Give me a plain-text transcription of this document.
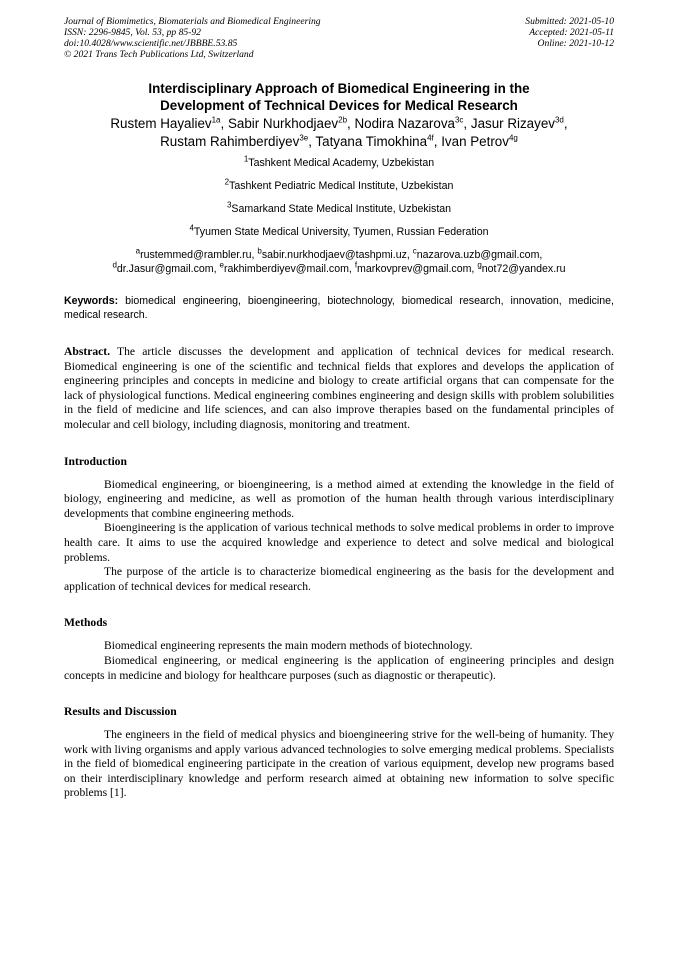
Journal of Biomimetics, Biomaterials and Biomedical Engineering
ISSN: 2296-9845, Vol. 53, pp 85-92
doi:10.4028/www.scientific.net/JBBBE.53.85
© 2021 Trans Tech Publications Ltd, Switzerland
Submitted: 2021-05-10
Accepted: 2021-05-11
Online: 2021-10-12
Interdisciplinary Approach of Biomedical Engineering in the
Development of Technical Devices for Medical Research
Rustem Hayaliev$^{1a}$, Sabir Nurkhodjaev$^{2b}$, Nodira Nazarova$^{3c}$, Jasur Rizayev$^{3d}$,
Rustam Rahimberdiyev$^{3e}$, Tatyana Timokhina$^{4f}$, Ivan Petrov$^{4g}$
$^1$Tashkent Medical Academy, Uzbekistan
$^2$Tashkent Pediatric Medical Institute, Uzbekistan
$^3$Samarkand State Medical Institute, Uzbekistan
$^4$Tyumen State Medical University, Tyumen, Russian Federation
$^a$rustemmed@rambler.ru, $^b$sabir.nurkhodjaev@tashpmi.uz, $^c$nazarova.uzb@gmail.com,
$^d$dr.Jasur@gmail.com, $^e$rakhimberdiyev@mail.com, $^f$markovprev@gmail.com, $^g$not72@yandex.ru
Keywords: biomedical engineering, bioengineering, biotechnology, biomedical research, innovation, medicine, medical research.
Abstract. The article discusses the development and application of technical devices for medical research. Biomedical engineering is one of the scientific and technical fields that explores and develops the application of engineering principles and concepts in medicine and biology to create artificial organs that can compensate for the lack of physiological functions. Medical engineering combines engineering and design skills with problem solubilities in the field of medicine and life sciences, and can also improve therapies based on the fundamental principles of molecular and cell biology, including diagnosis, monitoring and treatment.
Introduction

Biomedical engineering, or bioengineering, is a method aimed at extending the knowledge in the field of biology, engineering and medicine, as well as promotion of the human health through various interdisciplinary developments that combine engineering methods.

Bioengineering is the application of various technical methods to solve medical problems in order to improve health care. It aims to use the acquired knowledge and experience to detect and solve medical and biological problems.

The purpose of the article is to characterize biomedical engineering as the basis for the development and application of technical devices for medical research.

Methods

Biomedical engineering represents the main modern methods of biotechnology.

Biomedical engineering, or medical engineering is the application of engineering principles and design concepts in medicine and biology for healthcare purposes (such as diagnostic or therapeutic).

Results and Discussion

The engineers in the field of medical physics and bioengineering strive for the well-being of humanity. They work with living organisms and apply various advanced technologies to solve emerging medical problems. Specialists in the field of biomedical engineering participate in the creation of various equipment, develop new programs based on their interdisciplinary knowledge and perform research aimed at obtaining new information to solve specific problems [1].
